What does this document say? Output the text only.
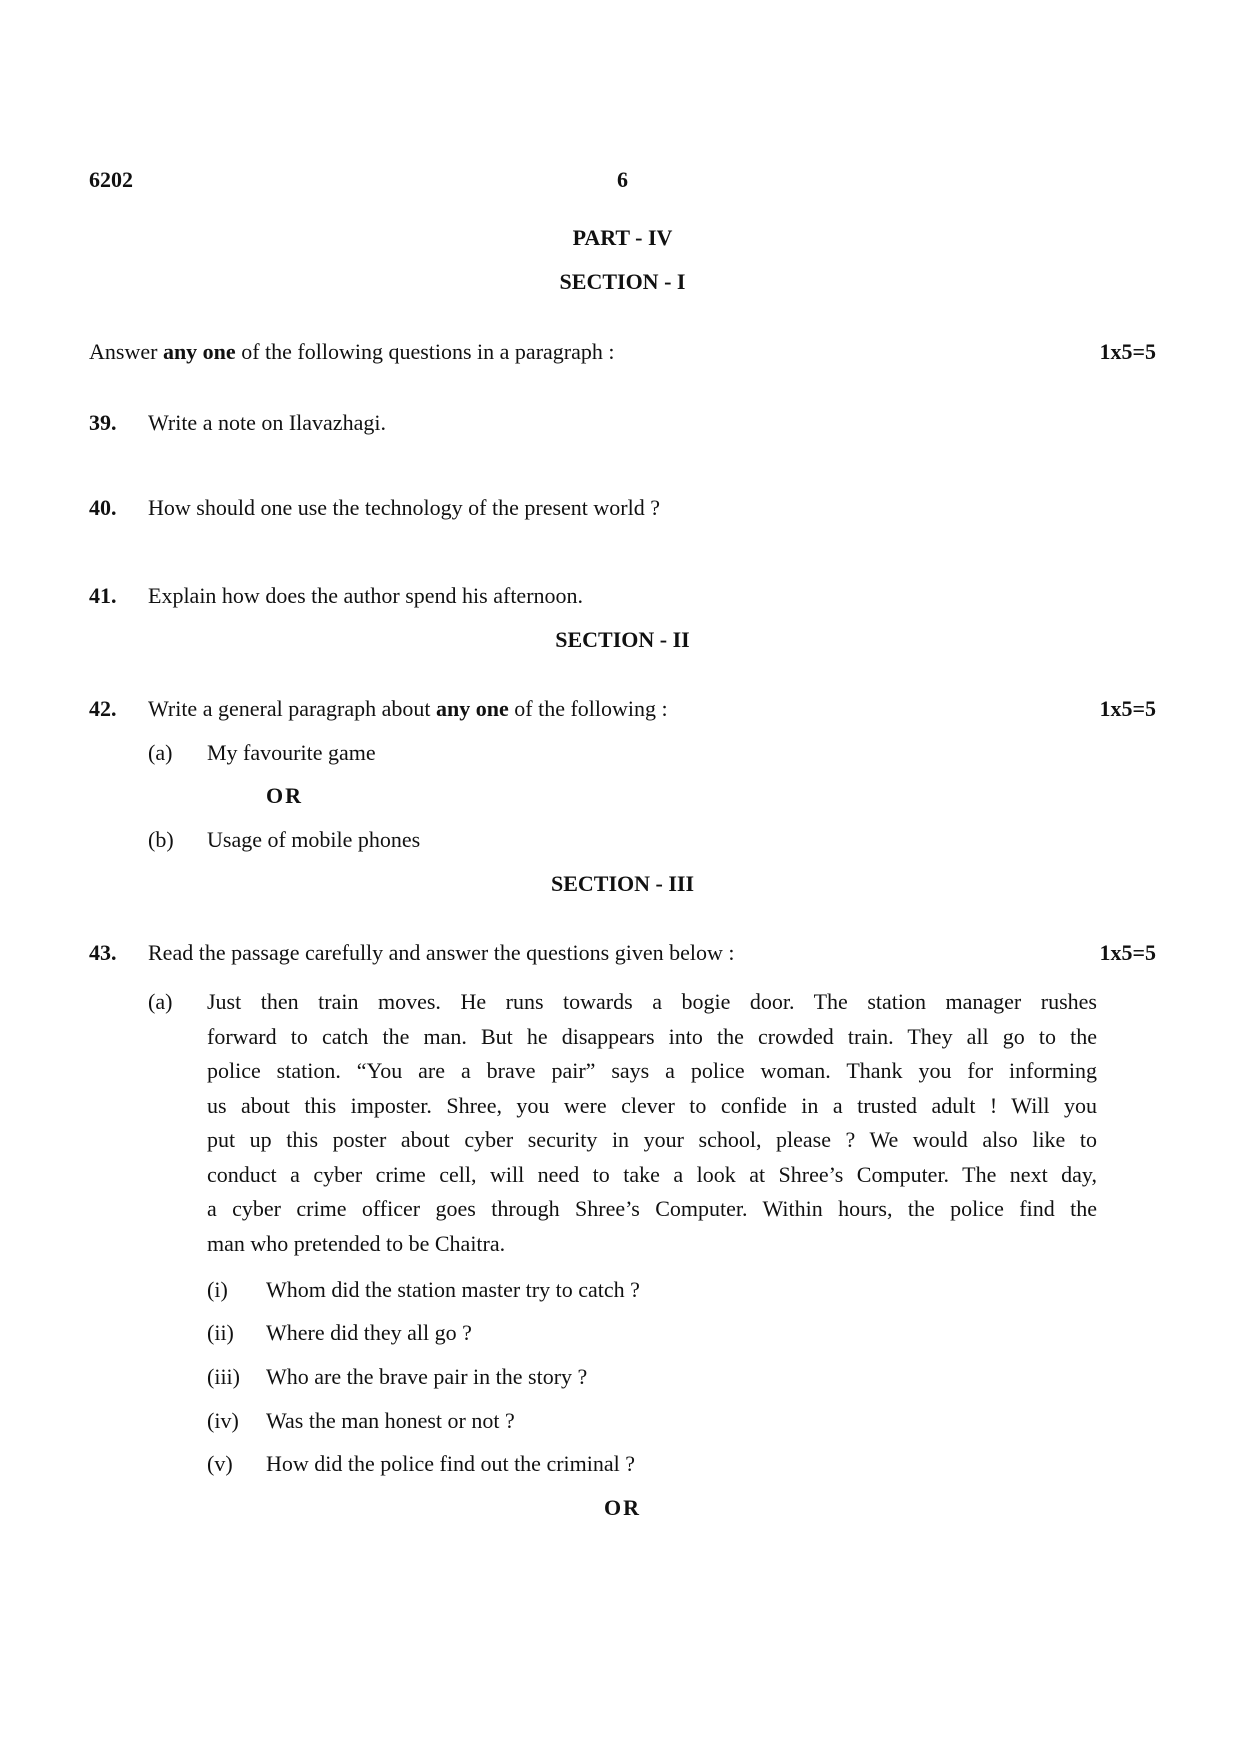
6202	6
PART - IV
SECTION - I
Answer any one of the following questions in a paragraph :	1x5=5
39. Write a note on Ilavazhagi.
40. How should one use the technology of the present world ?
41. Explain how does the author spend his afternoon.
SECTION - II
42. Write a general paragraph about any one of the following :	1x5=5
(a) My favourite game
OR
(b) Usage of mobile phones
SECTION - III
43. Read the passage carefully and answer the questions given below :	1x5=5
(a) Just then train moves. He runs towards a bogie door. The station manager rushes
forward to catch the man. But he disappears into the crowded train. They all go to the
police station. “You are a brave pair” says a police woman. Thank you for informing
us about this imposter. Shree, you were clever to confide in a trusted adult ! Will you
put up this poster about cyber security in your school, please ? We would also like to
conduct a cyber crime cell, will need to take a look at Shree’s Computer. The next day,
a cyber crime officer goes through Shree’s Computer. Within hours, the police find the
man who pretended to be Chaitra.
(i) Whom did the station master try to catch ?
(ii) Where did they all go ?
(iii) Who are the brave pair in the story ?
(iv) Was the man honest or not ?
(v) How did the police find out the criminal ?
OR
